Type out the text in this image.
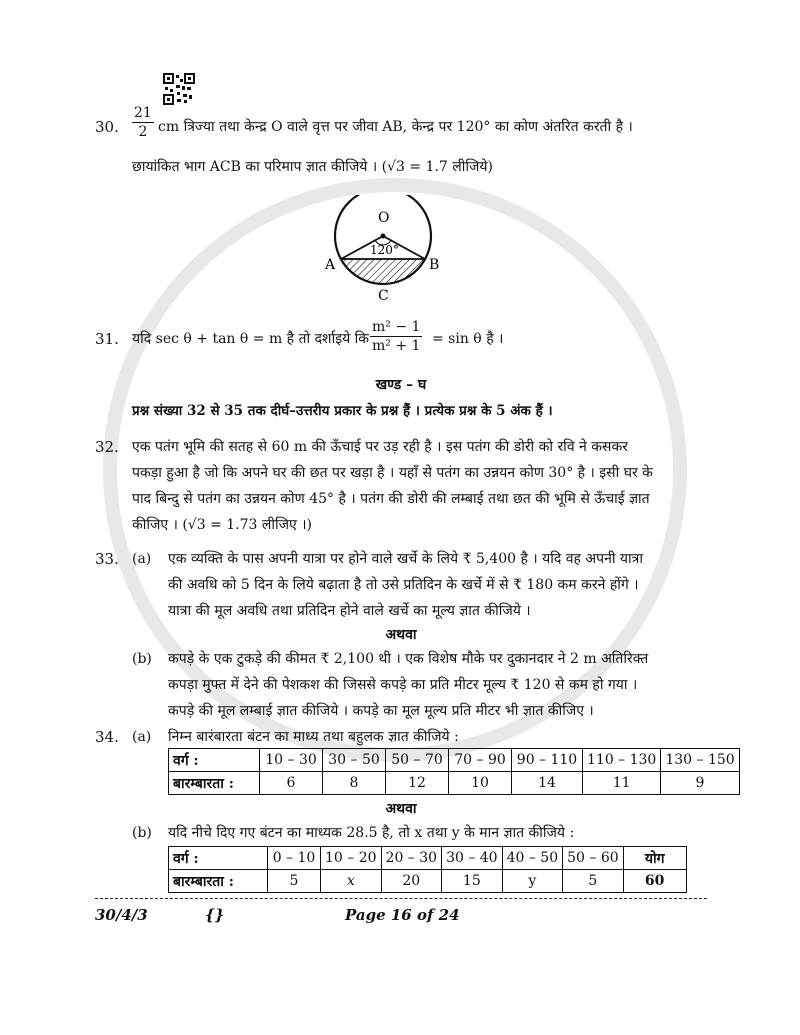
30. $\frac{21}{2}$ cm त्रिज्या तथा केन्द्र O वाले वृत्त पर जीवा AB, केन्द्र पर 120° का कोण अंतरित करती है ।
छायांकित भाग ACB का परिमाप ज्ञात कीजिये । (√3 = 1.7 लीजिये)
O
120°
A	B
C
31. यदि sec θ + tan θ = m है तो दर्शाइये कि $\frac{\text{m² − 1}}{\text{m² + 1}} = \sin \theta$ है ।
खण्ड – घ
प्रश्न संख्या 32 से 35 तक दीर्घ–उत्तरीय प्रकार के प्रश्न हैं । प्रत्येक प्रश्न के 5 अंक हैं ।
32. एक पतंग भूमि की सतह से 60 m की ऊँचाई पर उड़ रही है । इस पतंग की डोरी को रवि ने कसकर
पकड़ा हुआ है जो कि अपने घर की छत पर खड़ा है । यहाँ से पतंग का उन्नयन कोण 30° है । इसी घर के
पाद बिन्दु से पतंग का उन्नयन कोण 45° है । पतंग की डोरी की लम्बाई तथा छत की भूमि से ऊँचाई ज्ञात
कीजिए । (√3 = 1.73 लीजिए ।)
33. (a) एक व्यक्ति के पास अपनी यात्रा पर होने वाले खर्चे के लिये ₹ 5,400 है । यदि वह अपनी यात्रा
की अवधि को 5 दिन के लिये बढ़ाता है तो उसे प्रतिदिन के खर्चे में से ₹ 180 कम करने होंगे ।
यात्रा की मूल अवधि तथा प्रतिदिन होने वाले खर्चे का मूल्य ज्ञात कीजिये ।
अथवा
(b) कपड़े के एक टुकड़े की कीमत ₹ 2,100 थी । एक विशेष मौके पर दुकानदार ने 2 m अतिरिक्त
कपड़ा मुफ्त में देने की पेशकश की जिससे कपड़े का प्रति मीटर मूल्य ₹ 120 से कम हो गया ।
कपड़े की मूल लम्बाई ज्ञात कीजिये । कपड़े का मूल मूल्य प्रति मीटर भी ज्ञात कीजिए ।
34. (a) निम्न बारंबारता बंटन का माध्य तथा बहुलक ज्ञात कीजिये :
वर्ग :	10 – 30	30 – 50	50 – 70	70 – 90	90 – 110	110 – 130	130 – 150
बारम्बारता :	6	8	12	10	14	11	9
अथवा
(b) यदि नीचे दिए गए बंटन का माध्यक 28.5 है, तो x तथा y के मान ज्ञात कीजिये :
वर्ग :	0 – 10	10 – 20	20 – 30	30 – 40	40 – 50	50 – 60	योग
बारम्बारता :	5	x	20	15	y	5	60
30/4/3	{}	Page 16 of 24
